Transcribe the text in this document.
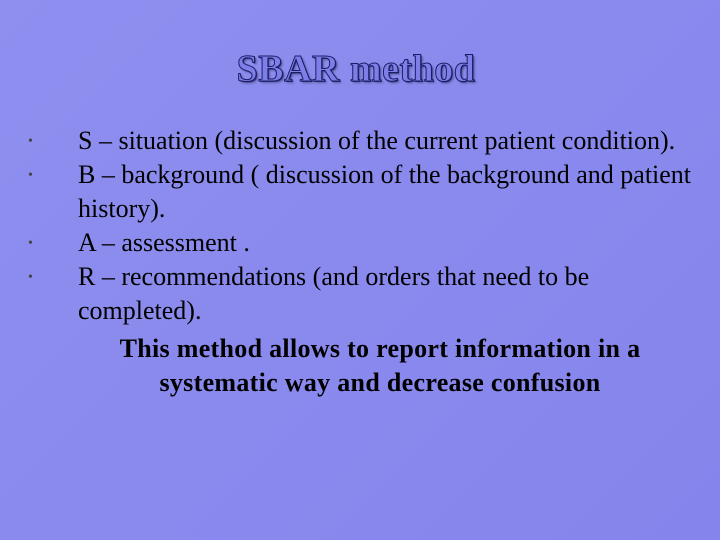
SBAR method
• S – situation (discussion of the current patient condition).
• B – background ( discussion of the background and patient history).
• A – assessment .
• R – recommendations (and orders that need to be completed).
This method allows to report information in a systematic way and decrease confusion
